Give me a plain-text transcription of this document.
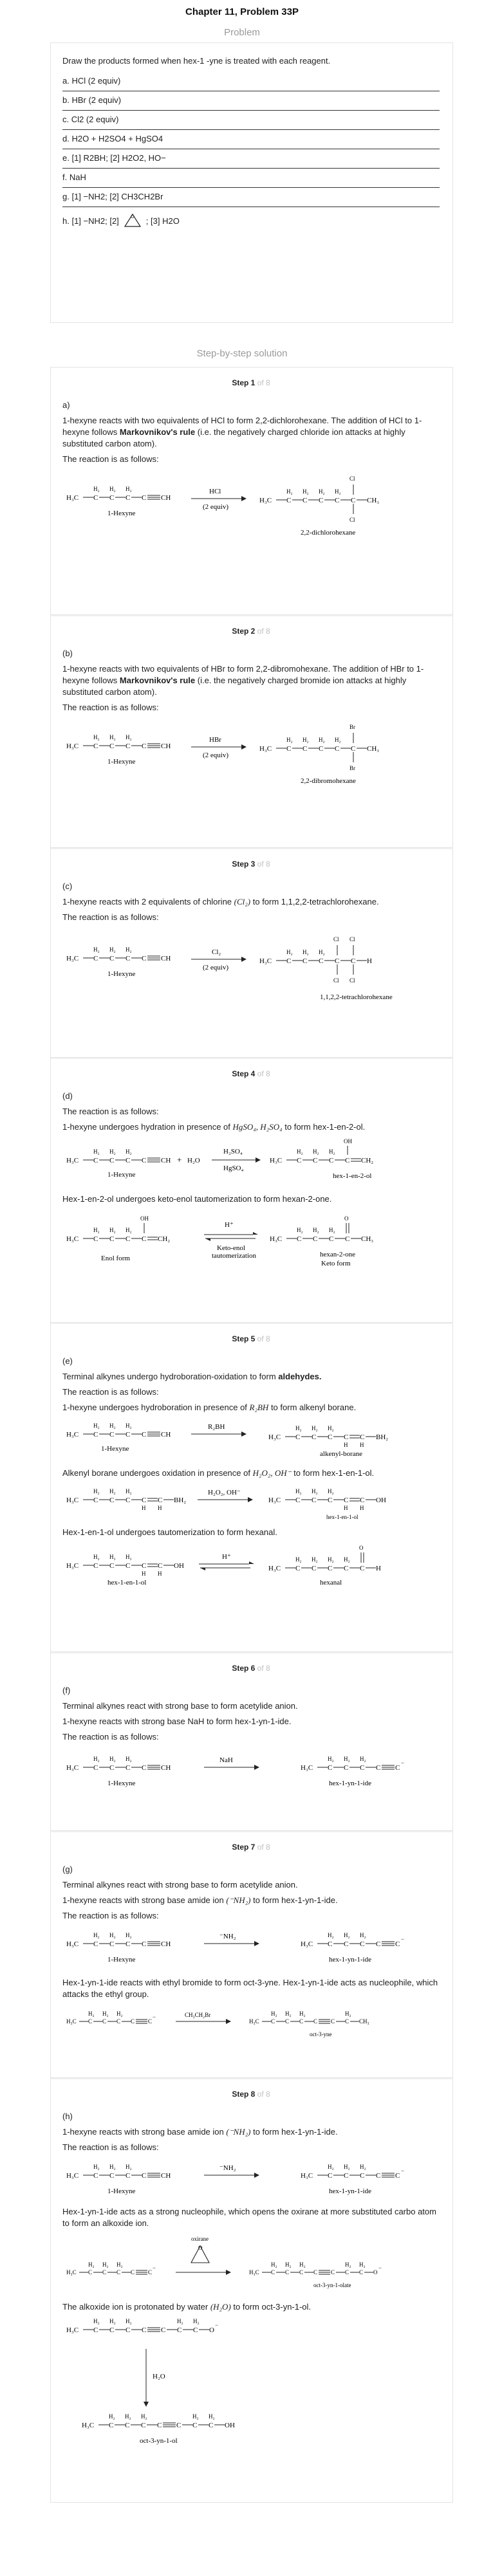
Chapter 11, Problem 33P
Problem
Draw the products formed when hex-1 -yne is treated with each reagent.
a. HCl (2 equiv)
b. HBr (2 equiv)
c. Cl2 (2 equiv)
d. H2O + H2SO4 + HgSO4
e. [1] R2BH; [2] H2O2, HO−
f. NaH
g. [1] −NH2; [2] CH3CH2Br
h. [1] −NH2; [2]	O ; [3] H2O
Step-by-step solution
Step 1 of 8
a)
1-hexyne reacts with two equivalents of HCl to form 2,2-dichlorohexane. The addition of HCl to 1-hexyne follows Markovnikov's rule (i.e. the negatively charged chloride ion attacks at highly substituted carbon atom).
The reaction is as follows:
H₃C C
H₂
C
H₂
C
H₂
C CH
1-Hexyne
HCl
(2 equiv)
H₃C C
H₂
C
H₂
C
H₂
C
H₂
C
Cl
Cl
CH₃
2,2-dichlorohexane
Step 2 of 8
(b)
1-hexyne reacts with two equivalents of HBr to form 2,2-dibromohexane. The addition of HBr to 1-hexyne follows Markovnikov's rule (i.e. the negatively charged bromide ion attacks at highly substituted carbon atom).
The reaction is as follows:
H₃C C
H₂
C
H₂
C
H₂
C CH
1-Hexyne
HBr
(2 equiv)
H₃C C
H₂
C
H₂
C
H₂
C
H₂
C
Br
Br
CH₃
2,2-dibromohexane
Step 3 of 8
(c)
1-hexyne reacts with 2 equivalents of chlorine (Cl₂) to form 1,1,2,2-tetrachlorohexane.
The reaction is as follows:
H₃C C
H₂
C
H₂
C
H₂
C CH
1-Hexyne
Cl₂
(2 equiv)
H₃C C
H₂
C
H₂
C
H₂
C
Cl
Cl
C
Cl
Cl
H
1,1,2,2-tetrachlorohexane
Step 4 of 8
(d)
The reaction is as follows:
1-hexyne undergoes hydration in presence of HgSO₄, H₂SO₄ to form hex-1-en-2-ol.
H₃C C
H₂
C
H₂
C
H₂
C CH + H₂O
1-Hexyne
H₂SO₄
HgSO₄
H₃C C
H₂
C
H₂
C
H₂
C
OH
CH₂
hex-1-en-2-ol
Hex-1-en-2-ol undergoes keto-enol tautomerization to form hexan-2-one.
H₃C C
H₂
C
H₂
C
H₂
C
OH
CH₂
Enol form
H⁺
Keto-enol
tautomerization
H₃C C
H₂
C
H₂
C
H₂
C
O
CH₃
hexan-2-one
Keto form
Step 5 of 8
(e)
Terminal alkynes undergo hydroboration-oxidation to form aldehydes.
The reaction is as follows:
1-hexyne undergoes hydroboration in presence of R₂BH to form alkenyl borane.
H₃C C
H₂
C
H₂
C
H₂
C CH
1-Hexyne
R₂BH
H₃C C
H₂
C
H₂
C
H₂
C
H
C
H
BH₂
alkenyl-borane
Alkenyl borane undergoes oxidation in presence of H₂O₂, OH⁻ to form hex-1-en-1-ol.
H₃C C
H₂
C
H₂
C
H₂
C
H
C
H
BH₂
H₂O₂, OH⁻
H₃C C
H₂
C
H₂
C
H₂
C
H
C
H
OH
hex-1-en-1-ol
Hex-1-en-1-ol undergoes tautomerization to form hexanal.
H₃C C
H₂
C
H₂
C
H₂
C
H
C
H
OH
hex-1-en-1-ol
H⁺
H₃C C
H₂
C
H₂
C
H₂
C
H₂
C
O
H
hexanal
Step 6 of 8
(f)
Terminal alkynes react with strong base to form acetylide anion.
1-hexyne reacts with strong base NaH to form hex-1-yn-1-ide.
The reaction is as follows:
H₃C C
H₂
C
H₂
C
H₂
C CH
1-Hexyne
NaH
H₃C C
H₂
C
H₂
C
H₂
C C
−
hex-1-yn-1-ide
Step 7 of 8
(g)
Terminal alkynes react with strong base to form acetylide anion.
1-hexyne reacts with strong base amide ion (⁻NH₂) to form hex-1-yn-1-ide.
The reaction is as follows:
H₃C C
H₂
C
H₂
C
H₂
C CH
1-Hexyne
⁻NH₂
H₃C C
H₂
C
H₂
C
H₂
C C
−
hex-1-yn-1-ide
Hex-1-yn-1-ide reacts with ethyl bromide to form oct-3-yne. Hex-1-yn-1-ide acts as nucleophile, which attacks the ethyl group.
H₃C C
H₂
C
H₂
C
H₂
C C
−	CH₃CH₂Br
H₃C C
H₂
C
H₂
C
H₂
C C C
H₂
CH₃
oct-3-yne
Step 8 of 8
(h)
1-hexyne reacts with strong base amide ion (⁻NH₂) to form hex-1-yn-1-ide.
The reaction is as follows:
H₃C C
H₂
C
H₂
C
H₂
C CH
1-Hexyne
⁻NH₂
H₃C C
H₂
C
H₂
C
H₂
C C
−
hex-1-yn-1-ide
Hex-1-yn-1-ide acts as a strong nucleophile, which opens the oxirane at more substituted carbo atom to form an alkoxide ion.
H₃C C
H₂
C
H₂
C
H₂
C C
−
oxirane
O
H₃C C
H₂
C
H₂
C
H₂
C C C
H₂
C
H₂
O
−
oct-3-yn-1-olate
The alkoxide ion is protonated by water (H₂O) to form oct-3-yn-1-ol.
H₃C C
H₂
C
H₂
C
H₂
C C C
H₂
C
H₂
O
−
H₂O
H₃C C
H₂
C
H₂
C
H₂
C C C
H₂
C
H₂
OH
oct-3-yn-1-ol
